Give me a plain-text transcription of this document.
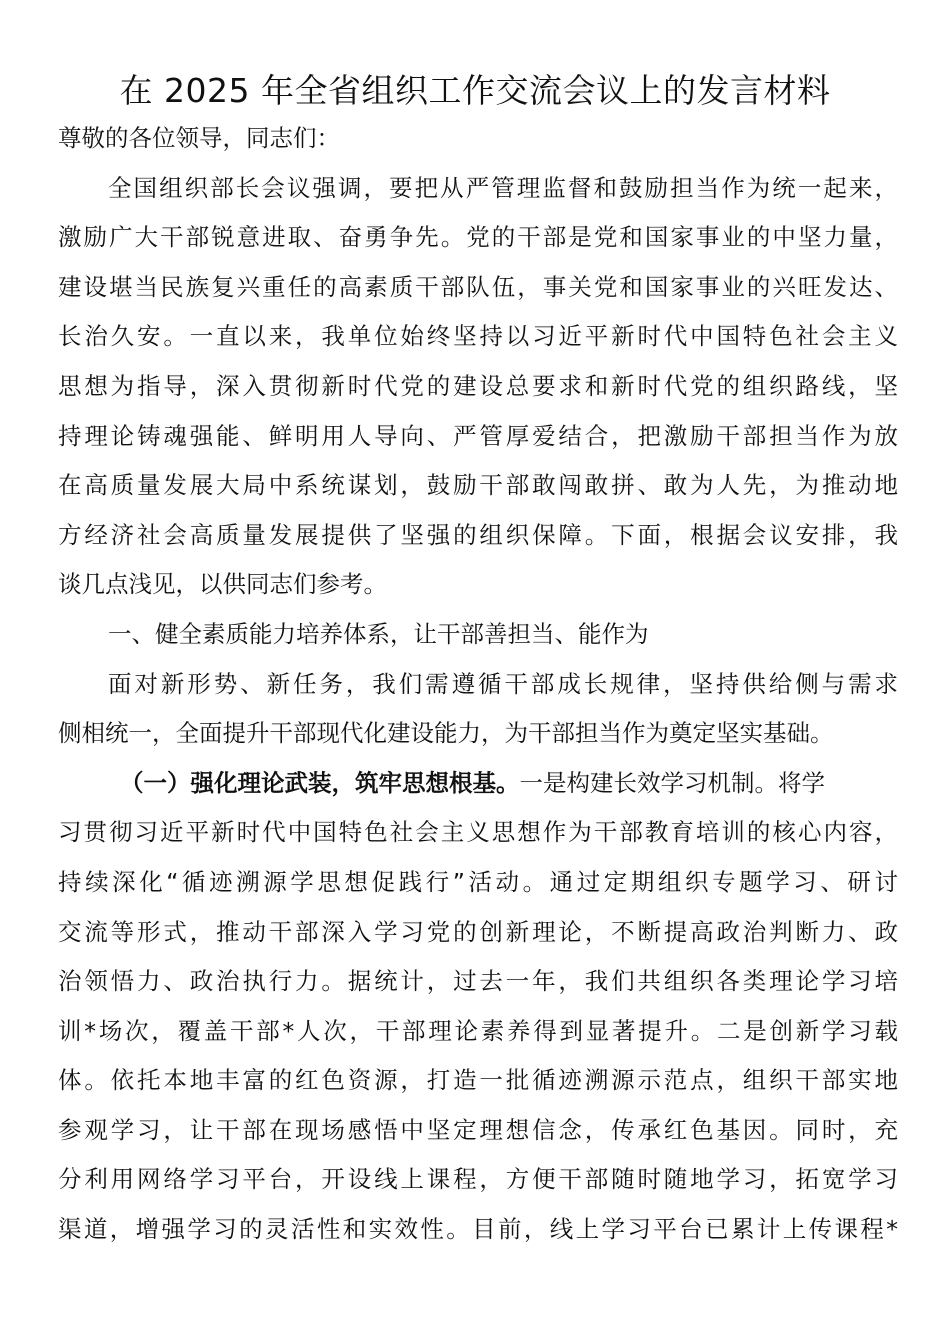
在 2025 年全省组织工作交流会议上的发言材料
尊敬的各位领导，同志们：
全国组织部长会议强调，要把从严管理监督和鼓励担当作为统一起来，
激励广大干部锐意进取、奋勇争先。党的干部是党和国家事业的中坚力量，
建设堪当民族复兴重任的高素质干部队伍，事关党和国家事业的兴旺发达、
长治久安。一直以来，我单位始终坚持以习近平新时代中国特色社会主义
思想为指导，深入贯彻新时代党的建设总要求和新时代党的组织路线，坚
持理论铸魂强能、鲜明用人导向、严管厚爱结合，把激励干部担当作为放
在高质量发展大局中系统谋划，鼓励干部敢闯敢拼、敢为人先，为推动地
方经济社会高质量发展提供了坚强的组织保障。下面，根据会议安排，我
谈几点浅见，以供同志们参考。
一、健全素质能力培养体系，让干部善担当、能作为
面对新形势、新任务，我们需遵循干部成长规律，坚持供给侧与需求
侧相统一，全面提升干部现代化建设能力，为干部担当作为奠定坚实基础。
（一）强化理论武装，筑牢思想根基。一是构建长效学习机制。将学
习贯彻习近平新时代中国特色社会主义思想作为干部教育培训的核心内容，
持续深化“循迹溯源学思想促践行”活动。通过定期组织专题学习、研讨
交流等形式，推动干部深入学习党的创新理论，不断提高政治判断力、政
治领悟力、政治执行力。据统计，过去一年，我们共组织各类理论学习培
训*场次，覆盖干部*人次，干部理论素养得到显著提升。二是创新学习载
体。依托本地丰富的红色资源，打造一批循迹溯源示范点，组织干部实地
参观学习，让干部在现场感悟中坚定理想信念，传承红色基因。同时，充
分利用网络学习平台，开设线上课程，方便干部随时随地学习，拓宽学习
渠道，增强学习的灵活性和实效性。目前，线上学习平台已累计上传课程*
